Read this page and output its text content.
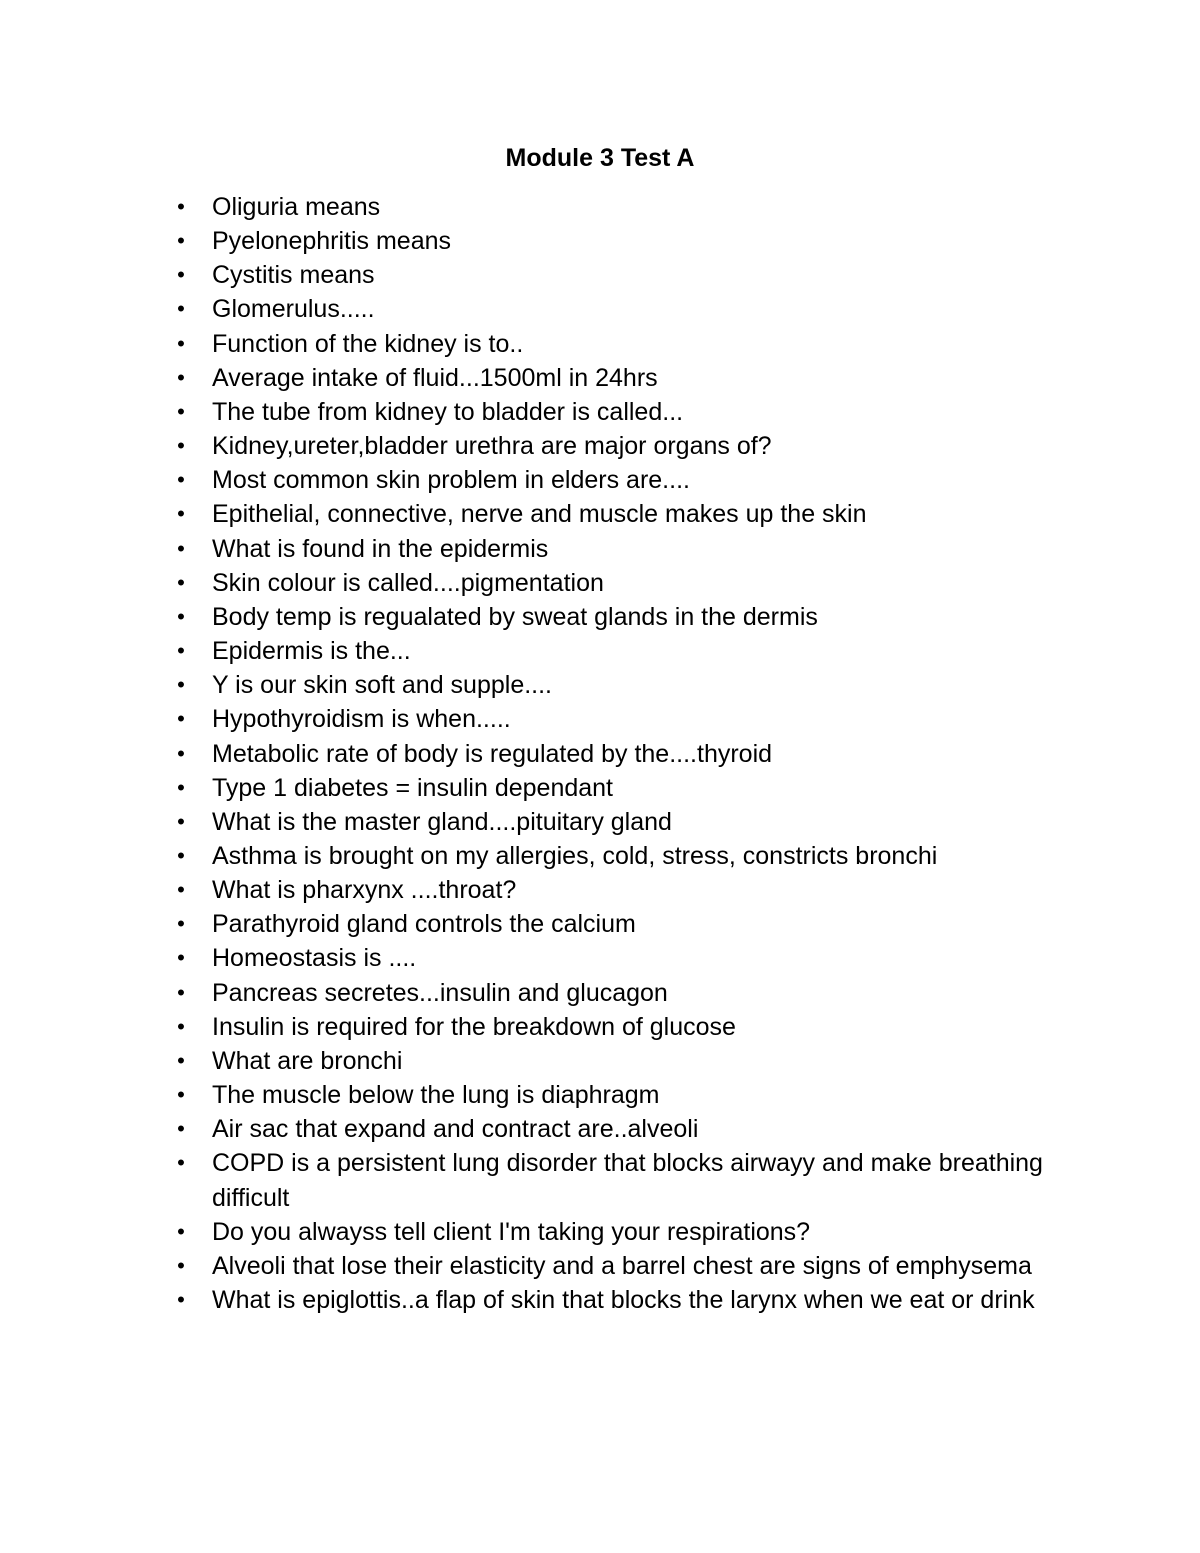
Module 3 Test A
• Oliguria means
• Pyelonephritis means
• Cystitis means
• Glomerulus.....
• Function of the kidney is to..
• Average intake of fluid...1500ml in 24hrs
• The tube from kidney to bladder is called...
• Kidney,ureter,bladder urethra are major organs of?
• Most common skin problem in elders are....
• Epithelial, connective, nerve and muscle makes up the skin
• What is found in the epidermis
• Skin colour is called....pigmentation
• Body temp is regualated by sweat glands in the dermis
• Epidermis is the...
• Y is our skin soft and supple....
• Hypothyroidism is when.....
• Metabolic rate of body is regulated by the....thyroid
• Type 1 diabetes = insulin dependant
• What is the master gland....pituitary gland
• Asthma is brought on my allergies, cold, stress, constricts bronchi
• What is pharxynx ....throat?
• Parathyroid gland controls the calcium
• Homeostasis is ....
• Pancreas secretes...insulin and glucagon
• Insulin is required for the breakdown of glucose
• What are bronchi
• The muscle below the lung is diaphragm
• Air sac that expand and contract are..alveoli
• COPD is a persistent lung disorder that blocks airwayy and make breathing difficult
• Do you alwayss tell client I'm taking your respirations?
• Alveoli that lose their elasticity and a barrel chest are signs of emphysema
• What is epiglottis..a flap of skin that blocks the larynx when we eat or drink
